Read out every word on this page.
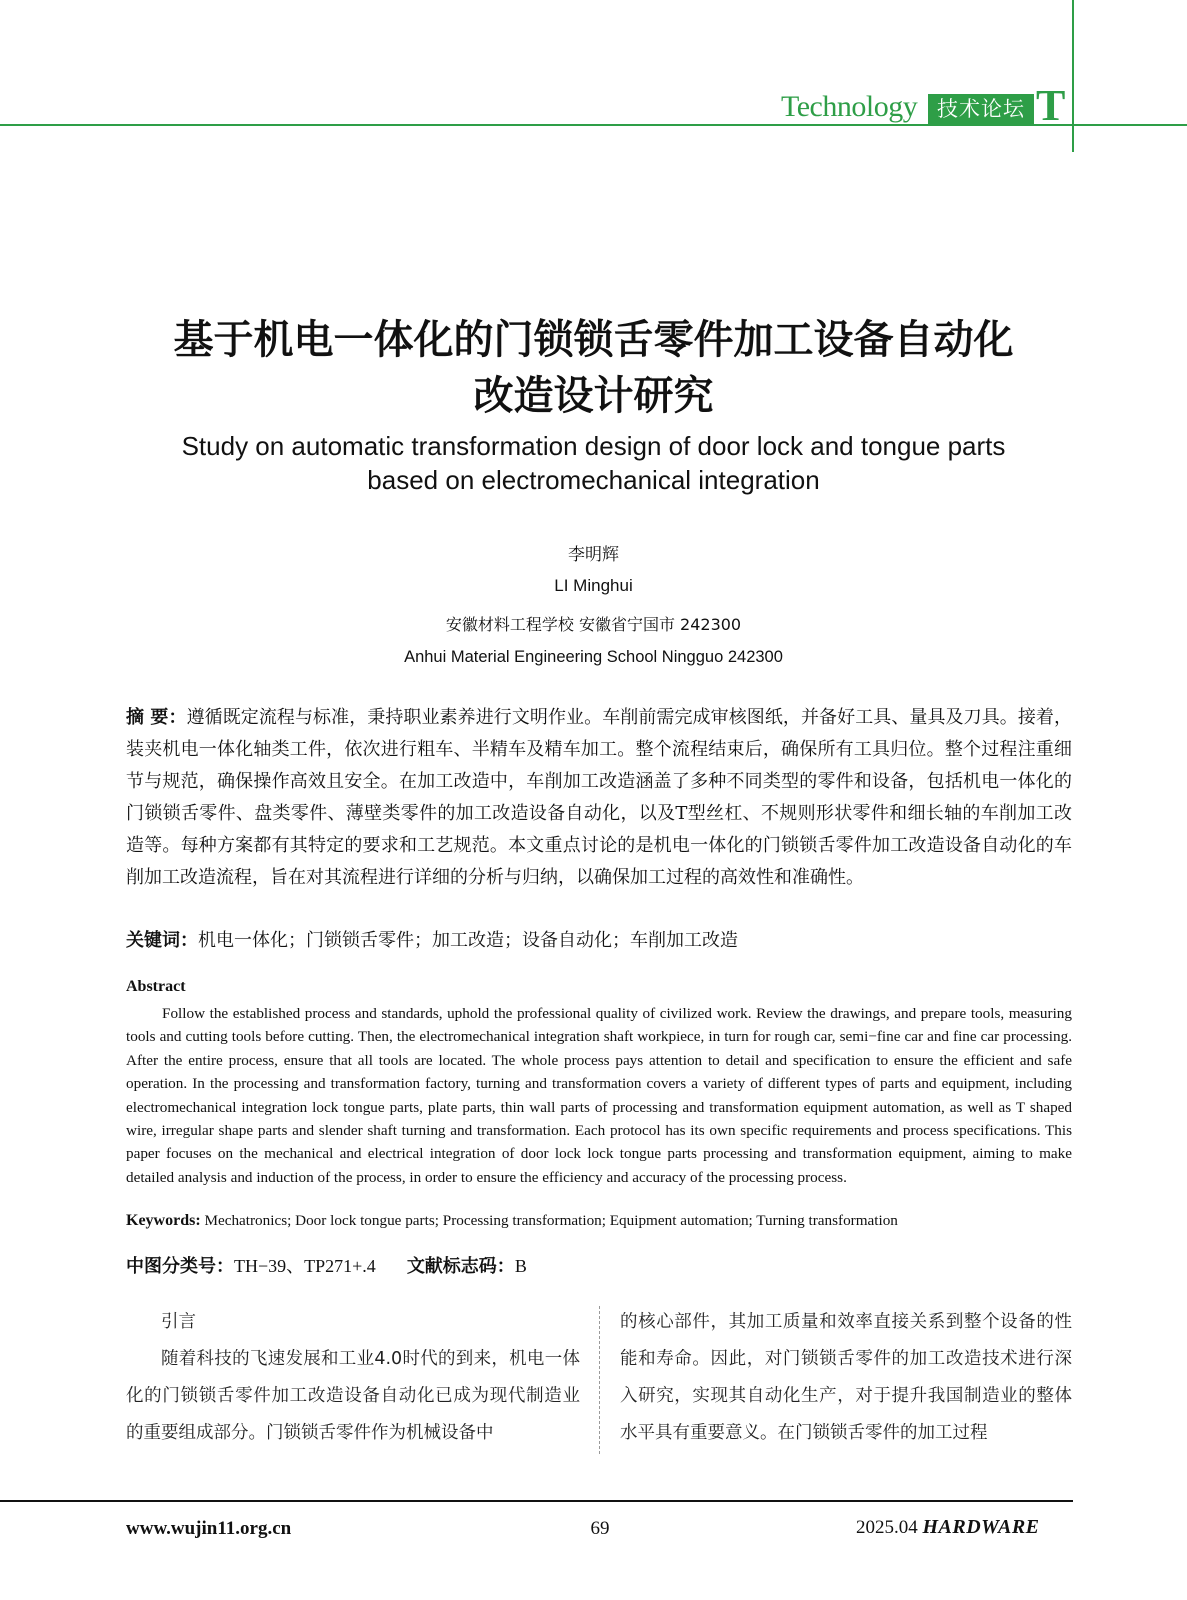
Technology 技术论坛 T
基于机电一体化的门锁锁舌零件加工设备自动化
改造设计研究
Study on automatic transformation design of door lock and tongue parts
based on electromechanical integration
李明辉
LI Minghui
安徽材料工程学校 安徽省宁国市 242300
Anhui Material Engineering School Ningguo 242300
摘 要：遵循既定流程与标准，秉持职业素养进行文明作业。车削前需完成审核图纸，并备好工具、量具及刀具。接着，装夹机电一体化轴类工件，依次进行粗车、半精车及精车加工。整个流程结束后，确保所有工具归位。整个过程注重细节与规范，确保操作高效且安全。在加工改造中，车削加工改造涵盖了多种不同类型的零件和设备，包括机电一体化的门锁锁舌零件、盘类零件、薄壁类零件的加工改造设备自动化，以及T型丝杠、不规则形状零件和细长轴的车削加工改造等。每种方案都有其特定的要求和工艺规范。本文重点讨论的是机电一体化的门锁锁舌零件加工改造设备自动化的车削加工改造流程，旨在对其流程进行详细的分析与归纳，以确保加工过程的高效性和准确性。
关键词：机电一体化；门锁锁舌零件；加工改造；设备自动化；车削加工改造
Abstract
Follow the established process and standards, uphold the professional quality of civilized work. Review the drawings, and prepare tools, measuring tools and cutting tools before cutting. Then, the electromechanical integration shaft workpiece, in turn for rough car, semi−fine car and fine car processing. After the entire process, ensure that all tools are located. The whole process pays attention to detail and specification to ensure the efficient and safe operation. In the processing and transformation factory, turning and transformation covers a variety of different types of parts and equipment, including electromechanical integration lock tongue parts, plate parts, thin wall parts of processing and transformation equipment automation, as well as T shaped wire, irregular shape parts and slender shaft turning and transformation. Each protocol has its own specific requirements and process specifications. This paper focuses on the mechanical and electrical integration of door lock lock tongue parts processing and transformation equipment, aiming to make detailed analysis and induction of the process, in order to ensure the efficiency and accuracy of the processing process.
Keywords: Mechatronics; Door lock tongue parts; Processing transformation; Equipment automation; Turning transformation
中图分类号：TH−39、TP271+.4 文献标志码：B
引言
随着科技的飞速发展和工业4.0时代的到来，机电一体化的门锁锁舌零件加工改造设备自动化已成为现代制造业的重要组成部分。门锁锁舌零件作为机械设备中
的核心部件，其加工质量和效率直接关系到整个设备的性能和寿命。因此，对门锁锁舌零件的加工改造技术进行深入研究，实现其自动化生产，对于提升我国制造业的整体水平具有重要意义。在门锁锁舌零件的加工过程
www.wujin11.org.cn	69	2025.04 HARDWARE
